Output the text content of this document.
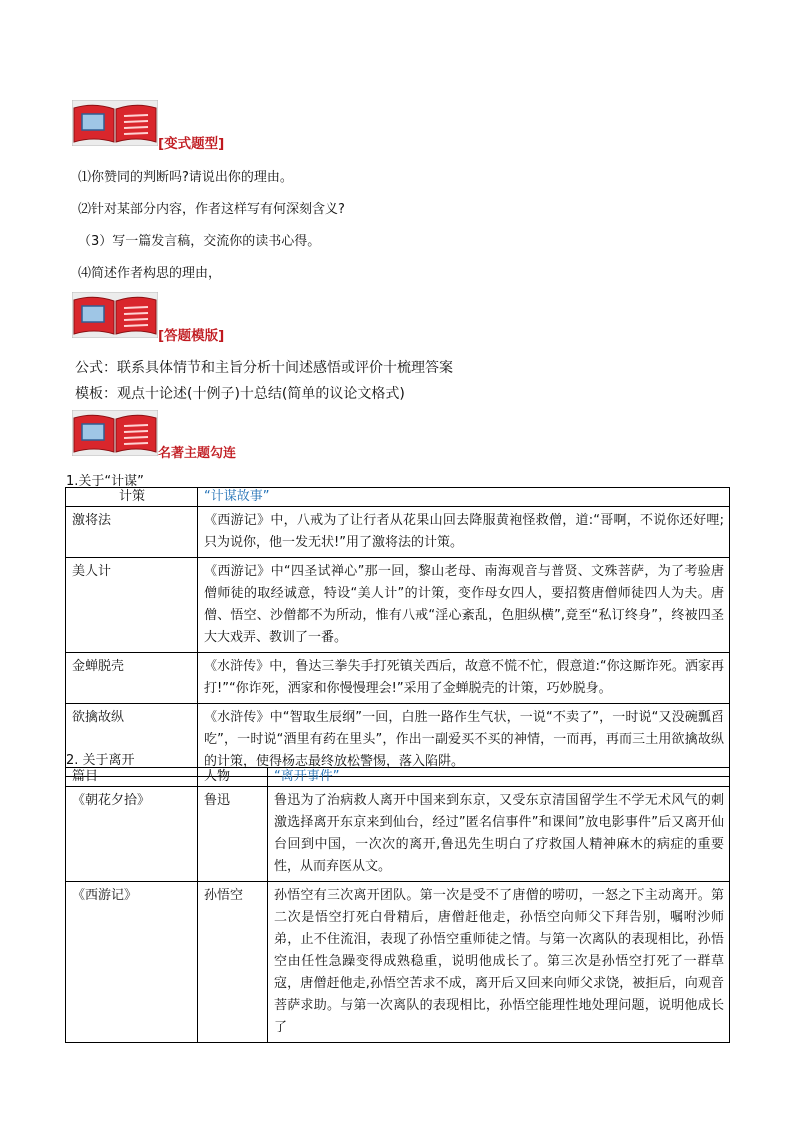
[变式题型]
⑴你赞同的判断吗?请说出你的理由。
⑵针对某部分内容，作者这样写有何深刻含义?
（3）写一篇发言稿，交流你的读书心得。
⑷简述作者构思的理由，
[答题模版]
公式：联系具体情节和主旨分析十间述感悟或评价十梳理答案
模板：观点十论述(十例子)十总结(简单的议论文格式)
名著主题勾连
1.关于“计谋”
计策	“计谋故事”
激将法	《西游记》中，八戒为了让行者从花果山回去降服黄袍怪救僧，道:“哥啊，不说你还好哩;只为说你，他一发无状!”用了激将法的计策。
美人计	《西游记》中“四圣试禅心”那一回，黎山老母、南海观音与普贤、文殊菩萨，为了考验唐僧师徒的取经诚意，特设“美人计”的计策，变作母女四人，要招赘唐僧师徒四人为夫。唐僧、悟空、沙僧都不为所动，惟有八戒“淫心紊乱，色胆纵横”,竟至“私订终身”，终被四圣大大戏弄、教训了一番。
金蝉脱壳	《水浒传》中，鲁达三拳失手打死镇关西后，故意不慌不忙，假意道:“你这厮诈死。洒家再打!”“你诈死，洒家和你慢慢理会!”采用了金蝉脱壳的计策，巧妙脱身。
欲擒故纵	《水浒传》中“智取生辰纲”一回，白胜一路作生气状，一说“不卖了”，一时说“又没碗瓢舀吃”，一时说“酒里有药在里头”，作出一副爱买不买的神情，一而再，再而三土用欲擒故纵的计策，使得杨志最终放松警惕，落入陷阱。
2. 关于离开
篇目	人物	“离开事件”
《朝花夕拾》	鲁迅	鲁迅为了治病救人离开中国来到东京，又受东京清国留学生不学无术风气的刺激选择离开东京来到仙台，经过”匿名信事件”和课间”放电影事件”后又离开仙台回到中国，一次次的离开,鲁迅先生明白了疗救国人精神麻木的病症的重要性，从而弃医从文。
《西游记》	孙悟空	孙悟空有三次离开团队。第一次是受不了唐僧的唠叨，一怒之下主动离开。第二次是悟空打死白骨精后，唐僧赶他走，孙悟空向师父下拜告别，嘱咐沙师弟，止不住流泪，表现了孙悟空重师徒之情。与第一次离队的表现相比，孙悟空由任性急躁变得成熟稳重，说明他成长了。第三次是孙悟空打死了一群草寇，唐僧赶他走,孙悟空苦求不成，离开后又回来向师父求饶，被拒后，向观音菩萨求助。与第一次离队的表现相比，孙悟空能理性地处理问题，说明他成长了
